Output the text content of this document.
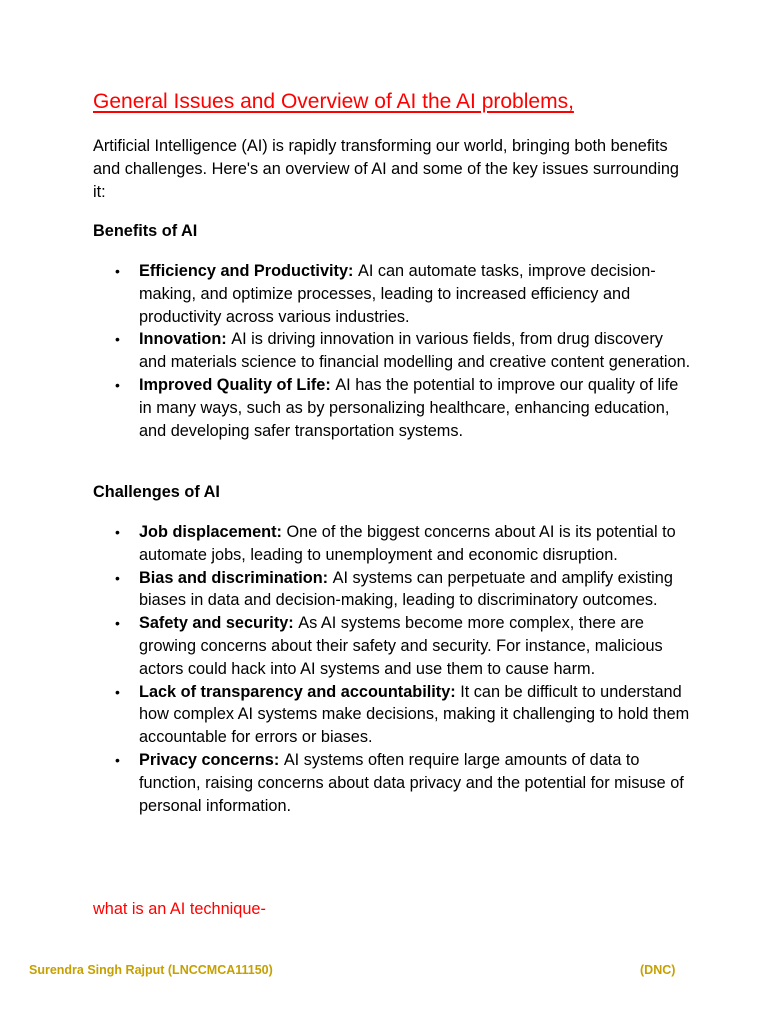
General Issues and Overview of AI the AI problems,

Artificial Intelligence (AI) is rapidly transforming our world, bringing both benefits and challenges. Here's an overview of AI and some of the key issues surrounding it:

Benefits of AI
• Efficiency and Productivity: AI can automate tasks, improve decision-making, and optimize processes, leading to increased efficiency and productivity across various industries.
• Innovation: AI is driving innovation in various fields, from drug discovery and materials science to financial modelling and creative content generation.
• Improved Quality of Life: AI has the potential to improve our quality of life in many ways, such as by personalizing healthcare, enhancing education, and developing safer transportation systems.
Challenges of AI
• Job displacement: One of the biggest concerns about AI is its potential to automate jobs, leading to unemployment and economic disruption.
• Bias and discrimination: AI systems can perpetuate and amplify existing biases in data and decision-making, leading to discriminatory outcomes.
• Safety and security: As AI systems become more complex, there are growing concerns about their safety and security. For instance, malicious actors could hack into AI systems and use them to cause harm.
• Lack of transparency and accountability: It can be difficult to understand how complex AI systems make decisions, making it challenging to hold them accountable for errors or biases.
• Privacy concerns: AI systems often require large amounts of data to function, raising concerns about data privacy and the potential for misuse of personal information.

what is an AI technique-

Surendra Singh Rajput (LNCCMCA11150)	(DNC)
